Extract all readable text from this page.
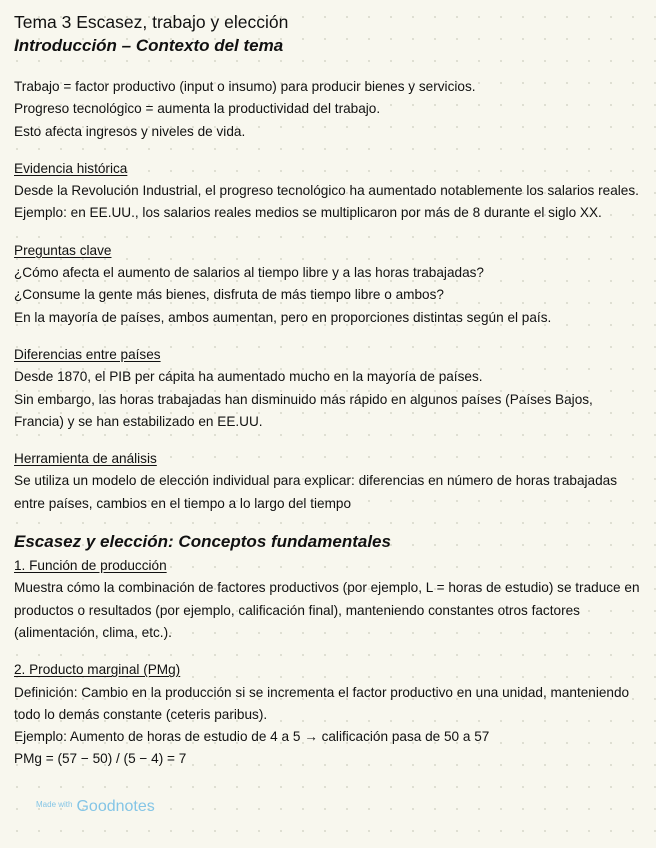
Tema 3 Escasez, trabajo y elección
Introducción – Contexto del tema

Trabajo = factor productivo (input o insumo) para producir bienes y servicios.

Progreso tecnológico = aumenta la productividad del trabajo.

Esto afecta ingresos y niveles de vida.

Evidencia histórica

Desde la Revolución Industrial, el progreso tecnológico ha aumentado notablemente los salarios reales.

Ejemplo: en EE.UU., los salarios reales medios se multiplicaron por más de 8 durante el siglo XX.

Preguntas clave

¿Cómo afecta el aumento de salarios al tiempo libre y a las horas trabajadas?

¿Consume la gente más bienes, disfruta de más tiempo libre o ambos?

En la mayoría de países, ambos aumentan, pero en proporciones distintas según el país.

Diferencias entre países

Desde 1870, el PIB per cápita ha aumentado mucho en la mayoría de países.

Sin embargo, las horas trabajadas han disminuido más rápido en algunos países (Países Bajos, Francia) y se han estabilizado en EE.UU.

Herramienta de análisis

Se utiliza un modelo de elección individual para explicar: diferencias en número de horas trabajadas entre países, cambios en el tiempo a lo largo del tiempo

Escasez y elección: Conceptos fundamentales

1. Función de producción

Muestra cómo la combinación de factores productivos (por ejemplo, L = horas de estudio) se traduce en productos o resultados (por ejemplo, calificación final), manteniendo constantes otros factores (alimentación, clima, etc.).

2. Producto marginal (PMg)

Definición: Cambio en la producción si se incrementa el factor productivo en una unidad, manteniendo todo lo demás constante (ceteris paribus).

Ejemplo: Aumento de horas de estudio de 4 a 5 → calificación pasa de 50 a 57

PMg = (57 − 50) / (5 − 4) = 7

$^{Made with}$ Goodnotes
